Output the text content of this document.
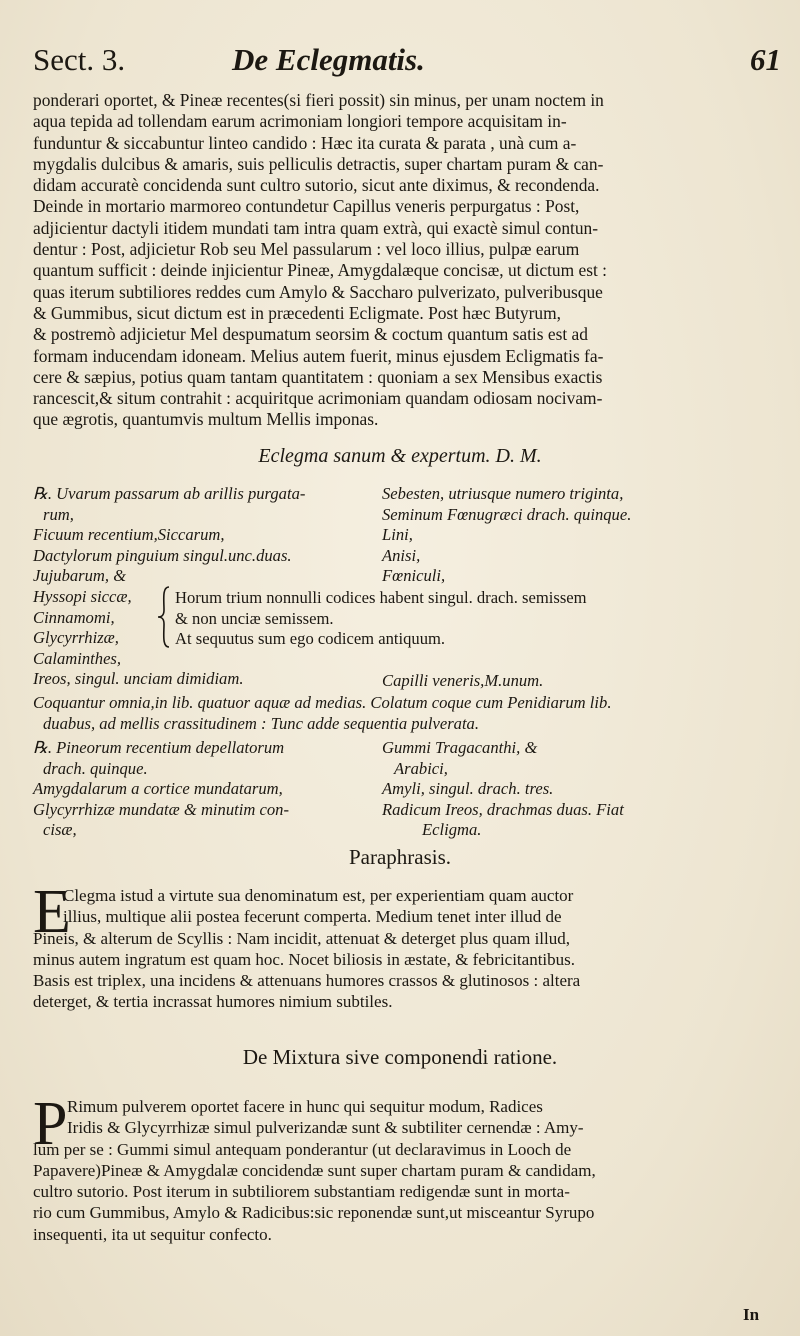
Sect. 3.	De Eclegmatis.	61
ponderari oportet, & Pineæ recentes(si fieri possit) sin minus, per unam noctem in
aqua tepida ad tollendam earum acrimoniam longiori tempore acquisitam in-
funduntur & siccabuntur linteo candido : Hæc ita curata & parata , unà cum a-
mygdalis dulcibus & amaris, suis pelliculis detractis, super chartam puram & can-
didam accuratè concidenda sunt cultro sutorio, sicut ante diximus, & recondenda.
Deinde in mortario marmoreo contundetur Capillus veneris perpurgatus : Post,
adjicientur dactyli itidem mundati tam intra quam extrà, qui exactè simul contun-
dentur : Post, adjicietur Rob seu Mel passularum : vel loco illius, pulpæ earum
quantum sufficit : deinde injicientur Pineæ, Amygdalæque concisæ, ut dictum est :
quas iterum subtiliores reddes cum Amylo & Saccharo pulverizato, pulveribusque
& Gummibus, sicut dictum est in præcedenti Ecligmate. Post hæc Butyrum,
& postremò adjicietur Mel despumatum seorsim & coctum quantum satis est ad
formam inducendam idoneam. Melius autem fuerit, minus ejusdem Ecligmatis fa-
cere & sæpius, potius quam tantam quantitatem : quoniam a sex Mensibus exactis
rancescit,& situm contrahit : acquiritque acrimoniam quandam odiosam nocivam-
que ægrotis, quantumvis multum Mellis imponas.
Eclegma sanum & expertum. D. M.
℞. Uvarum passarum ab arillis purgata-
rum,
Ficuum recentium,Siccarum,
Dactylorum pinguium singul.unc.duas.
Jujubarum, &
Hyssopi siccæ,
Cinnamomi,
Glycyrrhizæ,
Calaminthes,
Ireos, singul. unciam dimidiam.
Sebesten, utriusque numero triginta,
Seminum Fœnugræci drach. quinque.
Lini,
Anisi,
Fœniculi,
Horum trium nonnulli codices habent singul. drach. semissem
& non unciæ semissem.
At sequutus sum ego codicem antiquum.
Capilli veneris,M.unum.
Coquantur omnia,in lib. quatuor aquæ ad medias. Colatum coque cum Penidiarum lib.
duabus, ad mellis crassitudinem : Tunc adde sequentia pulverata.
℞. Pineorum recentium depellatorum
drach. quinque.
Amygdalarum a cortice mundatarum,
Glycyrrhizæ mundatæ & minutim con-
cisæ,
Gummi Tragacanthi, &
Arabici,
Amyli, singul. drach. tres.
Radicum Ireos, drachmas duas. Fiat
Ecligma.
Paraphrasis.
E
Clegma istud a virtute sua denominatum est, per experientiam quam auctor
illius, multique alii postea fecerunt comperta. Medium tenet inter illud de
Pineis, & alterum de Scyllis : Nam incidit, attenuat & deterget plus quam illud,
minus autem ingratum est quam hoc. Nocet biliosis in æstate, & febricitantibus.
Basis est triplex, una incidens & attenuans humores crassos & glutinosos : altera
deterget, & tertia incrassat humores nimium subtiles.
De Mixtura sive componendi ratione.
P Rimum pulverem oportet facere in hunc qui sequitur modum, Radices
Iridis & Glycyrrhizæ simul pulverizandæ sunt & subtiliter cernendæ : Amy-
lum per se : Gummi simul antequam ponderantur (ut declaravimus in Looch de
Papavere)Pineæ & Amygdalæ concidendæ sunt super chartam puram & candidam,
cultro sutorio. Post iterum in subtiliorem substantiam redigendæ sunt in morta-
rio cum Gummibus, Amylo & Radicibus:sic reponendæ sunt,ut misceantur Syrupo
insequenti, ita ut sequitur confecto.
In
